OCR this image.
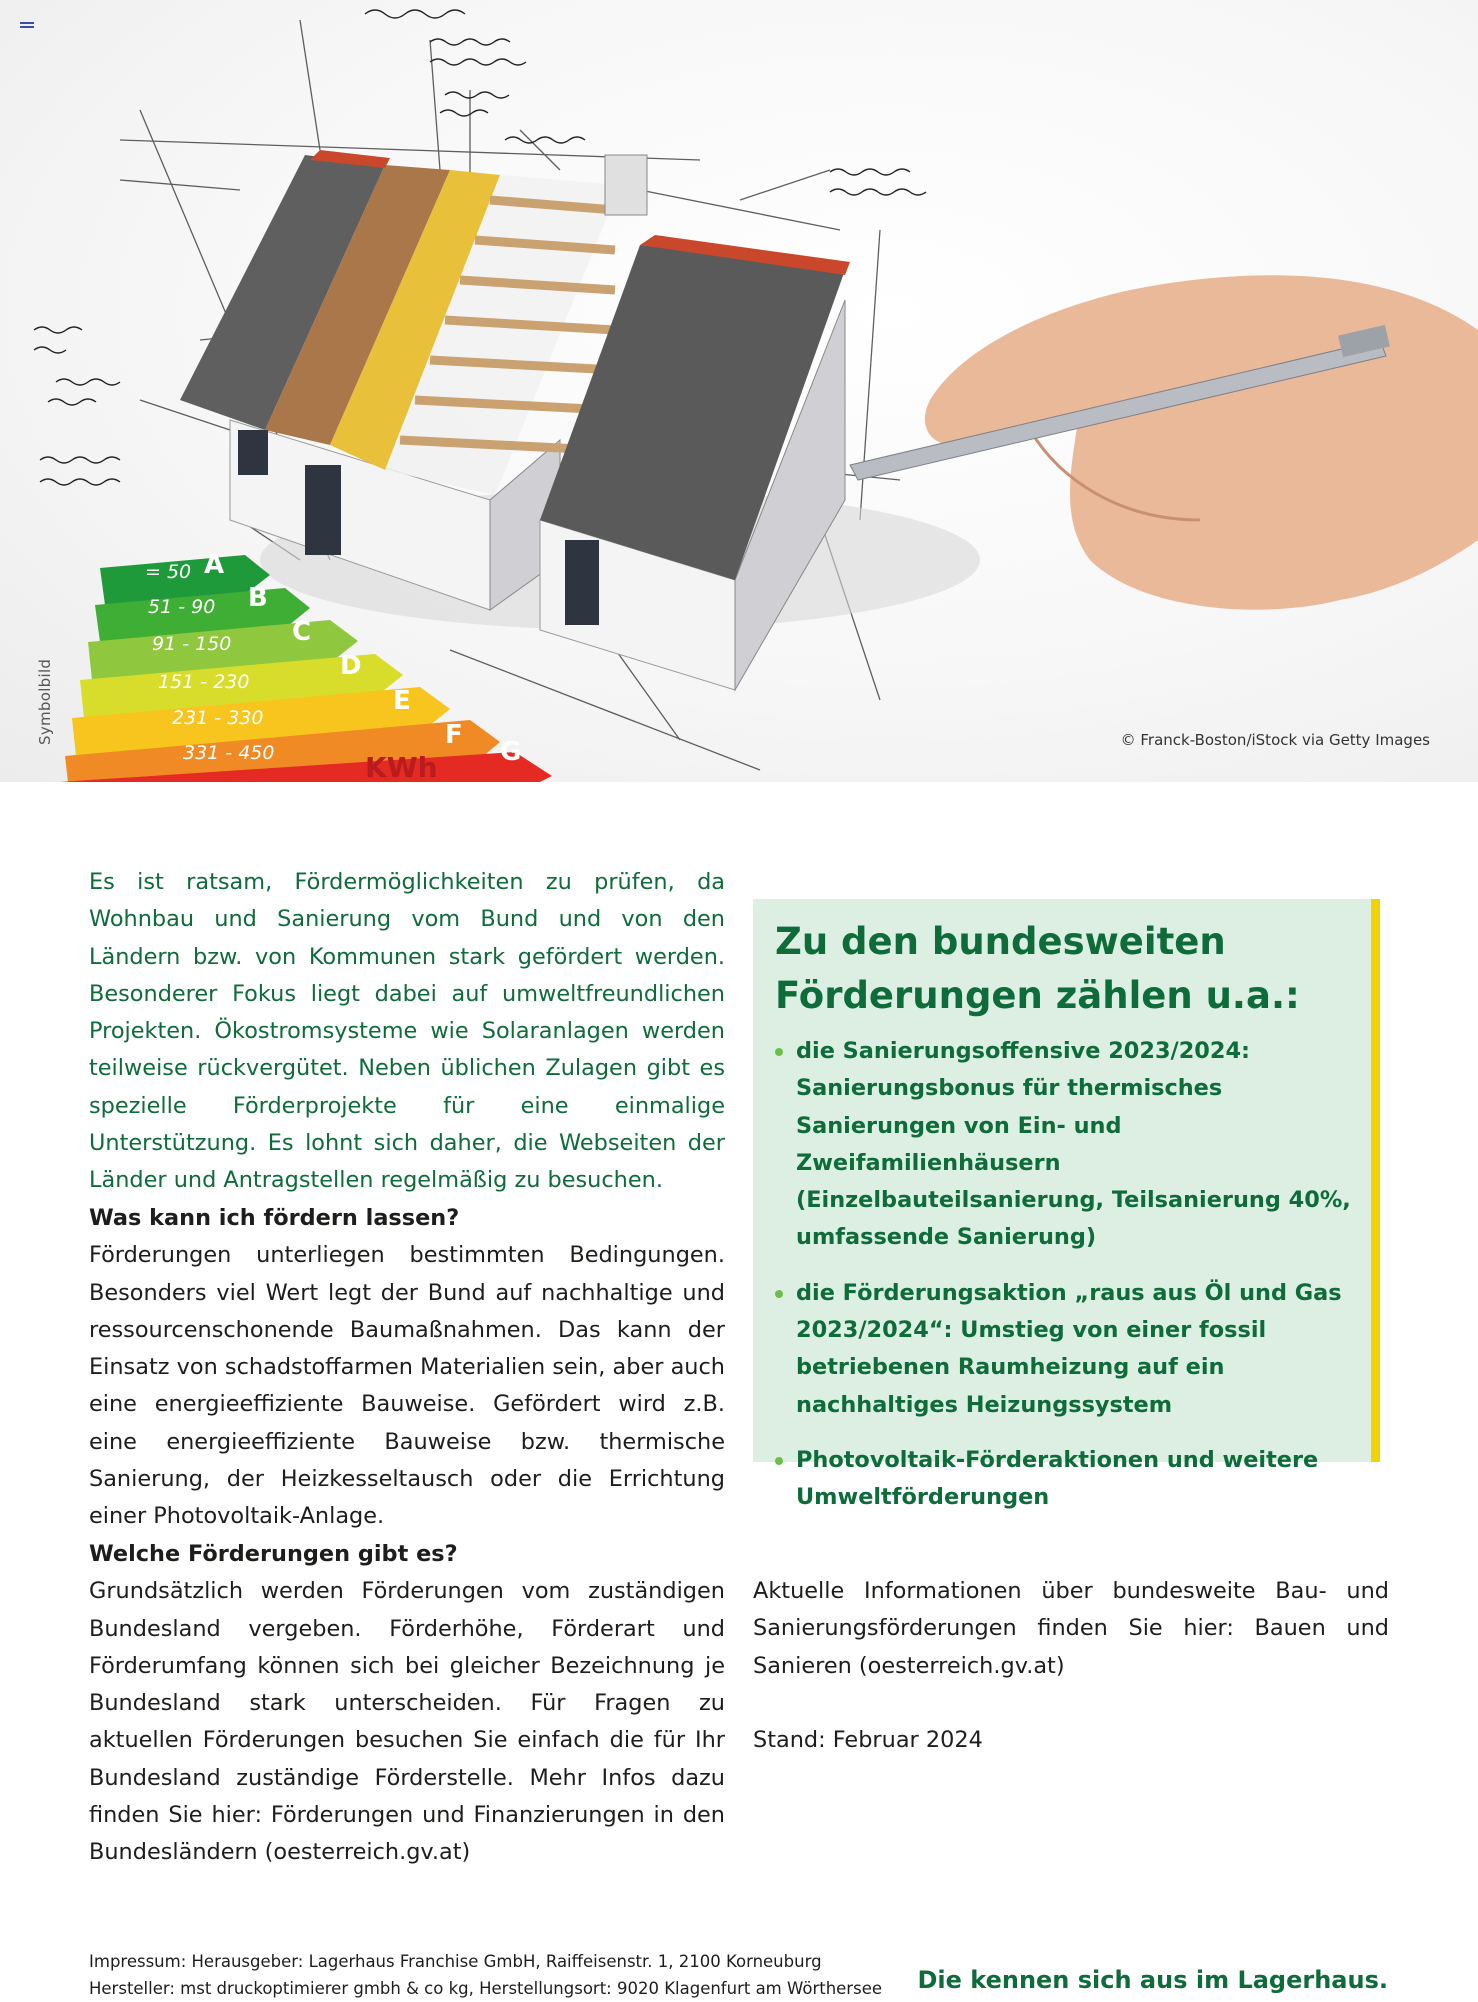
= 50
51 - 90
91 - 150
151 - 230
231 - 330
331 - 450
A
B
C
D
E
F
G
KWh
Symbolbild	© Franck-Boston/iStock via Getty Images

Es ist ratsam, Fördermöglichkeiten zu prüfen, da Wohnbau und Sanierung vom Bund und von den Ländern bzw. von Kommunen stark gefördert werden. Besonderer Fokus liegt dabei auf umweltfreundlichen Projekten. Ökostromsysteme wie Solaranlagen werden teilweise rückvergütet. Neben üblichen Zulagen gibt es spezielle Förderprojekte für eine einmalige Unterstützung. Es lohnt sich daher, die Webseiten der Länder und Antragstellen regelmäßig zu besuchen.

Was kann ich fördern lassen?

Förderungen unterliegen bestimmten Bedingungen. Besonders viel Wert legt der Bund auf nachhaltige und ressourcenschonende Baumaßnahmen. Das kann der Einsatz von schadstoffarmen Materialien sein, aber auch eine energieeffiziente Bauweise. Gefördert wird z.B. eine energieeffiziente Bauweise bzw. thermische Sanierung, der Heizkesseltausch oder die Errichtung einer Photovoltaik-Anlage.

Welche Förderungen gibt es?

Grundsätzlich werden Förderungen vom zuständigen Bundesland vergeben. Förderhöhe, Förderart und Förderumfang können sich bei gleicher Bezeichnung je Bundesland stark unterscheiden. Für Fragen zu aktuellen Förderungen besuchen Sie einfach die für Ihr Bundesland zuständige Förderstelle. Mehr Infos dazu finden Sie hier: Förderungen und Finanzierungen in den Bundesländern (oesterreich.gv.at)

Zu den bundesweiten
Förderungen zählen u.a.:
die Sanierungsoffensive 2023/2024: Sanierungsbonus für thermisches Sanierungen von Ein- und Zweifamilienhäusern (Einzelbauteilsanierung, Teilsanierung 40%, umfassende Sanierung)
die Förderungsaktion „raus aus Öl und Gas 2023/2024“: Umstieg von einer fossil betriebenen Raumheizung auf ein nachhaltiges Heizungssystem
Photovoltaik-Förderaktionen und weitere Umweltförderungen

Aktuelle Informationen über bundesweite Bau- und Sanierungsförderungen finden Sie hier: Bauen und Sanieren (oesterreich.gv.at)

Stand: Februar 2024

Impressum: Herausgeber: Lagerhaus Franchise GmbH, Raiffeisenstr. 1, 2100 Korneuburg
Hersteller: mst druckoptimierer gmbh & co kg, Herstellungsort: 9020 Klagenfurt am Wörthersee Die kennen sich aus im Lagerhaus.
